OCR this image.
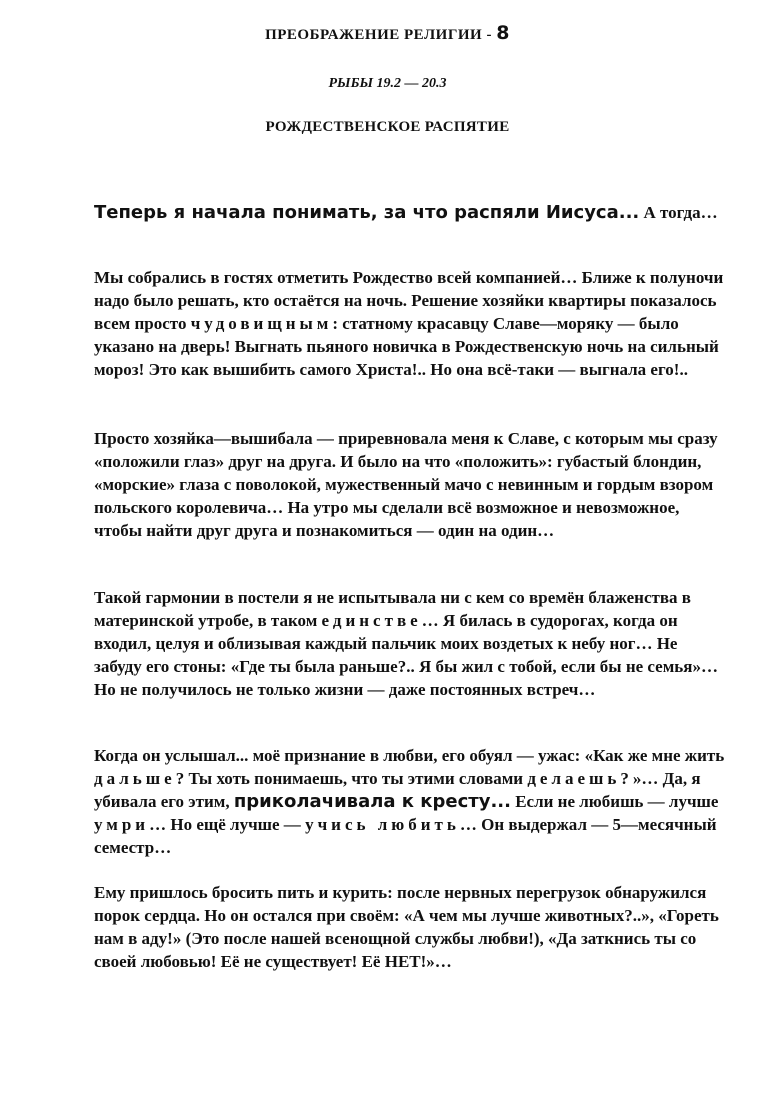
ПРЕОБРАЖЕНИЕ РЕЛИГИИ - 8
РЫБЫ 19.2 — 20.3
РОЖДЕСТВЕНСКОЕ РАСПЯТИЕ

Теперь я начала понимать, за что распяли Иисуса... А тогда…

Мы собрались в гостях отметить Рождество всей компанией… Ближе к полуночи надо было решать, кто остаётся на ночь. Решение хозяйки квартиры показалось всем просто чудовищным: статному красавцу Славе—моряку — было указано на дверь! Выгнать пьяного новичка в Рождественскую ночь на сильный мороз! Это как вышибить самого Христа!.. Но она всё-таки — выгнала его!..

Просто хозяйка—вышибала — приревновала меня к Славе, с которым мы сразу «положили глаз» друг на друга. И было на что «положить»: губастый блондин, «морские» глаза с поволокой, мужественный мачо с невинным и гордым взором польского королевича… На утро мы сделали всё возможное и невозможное, чтобы найти друг друга и познакомиться — один на один…

Такой гармонии в постели я не испытывала ни с кем со времён блаженства в материнской утробе, в таком единстве… Я билась в судорогах, когда он входил, целуя и облизывая каждый пальчик моих воздетых к небу ног… Не забуду его стоны: «Где ты была раньше?.. Я бы жил с тобой, если бы не семья»… Но не получилось не только жизни — даже постоянных встреч…

Когда он услышал... моё признание в любви, его обуял — ужас: «Как же мне жить дальше? Ты хоть понимаешь, что ты этими словами делаешь?»… Да, я убивала его этим, приколачивала к кресту... Если не любишь — лучше умри… Но ещё лучше — учись любить… Он выдержал — 5—месячный семестр…

Ему пришлось бросить пить и курить: после нервных перегрузок обнаружился порок сердца. Но он остался при своём: «А чем мы лучше животных?..», «Гореть нам в аду!» (Это после нашей всенощной службы любви!), «Да заткнись ты со своей любовью! Её не существует! Её НЕТ!»…
